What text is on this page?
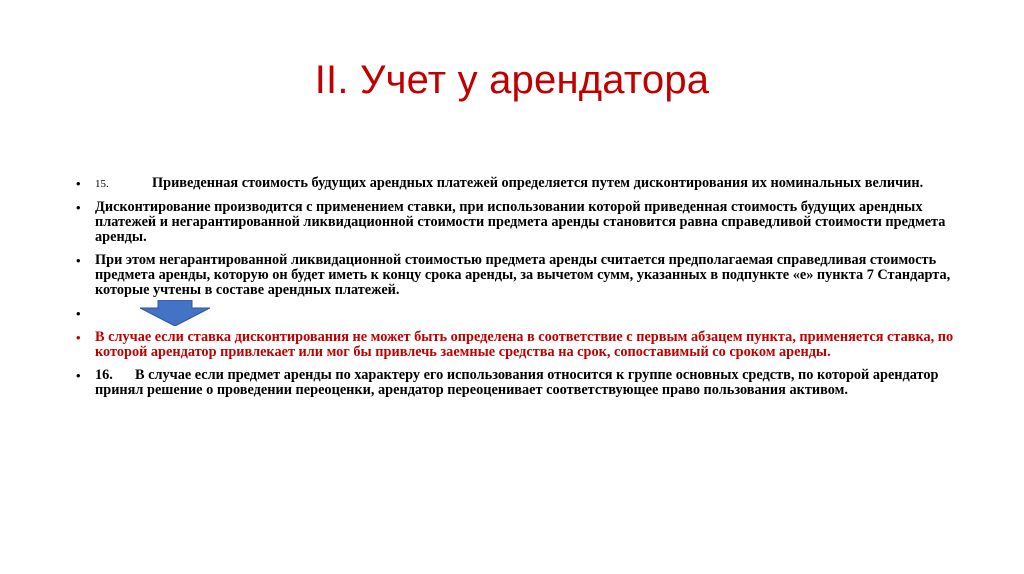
II. Учет у арендатора
• 15.	Приведенная стоимость будущих арендных платежей определяется путем дисконтирования их номинальных величин.
• Дисконтирование производится с применением ставки, при использовании которой приведенная стоимость будущих арендных платежей и негарантированной ликвидационной стоимости предмета аренды становится равна справедливой стоимости предмета аренды.
• При этом негарантированной ликвидационной стоимостью предмета аренды считается предполагаемая справедливая стоимость предмета аренды, которую он будет иметь к концу срока аренды, за вычетом сумм, указанных в подпункте «е» пункта 7 Стандарта, которые учтены в составе арендных платежей.
•
• В случае если ставка дисконтирования не может быть определена в соответствие с первым абзацем пункта, применяется ставка, по которой арендатор привлекает или мог бы привлечь заемные средства на срок, сопоставимый со сроком аренды.
• 16. В случае если предмет аренды по характеру его использования относится к группе основных средств, по которой арендатор принял решение о проведении переоценки, арендатор переоценивает соответствующее право пользования активом.
